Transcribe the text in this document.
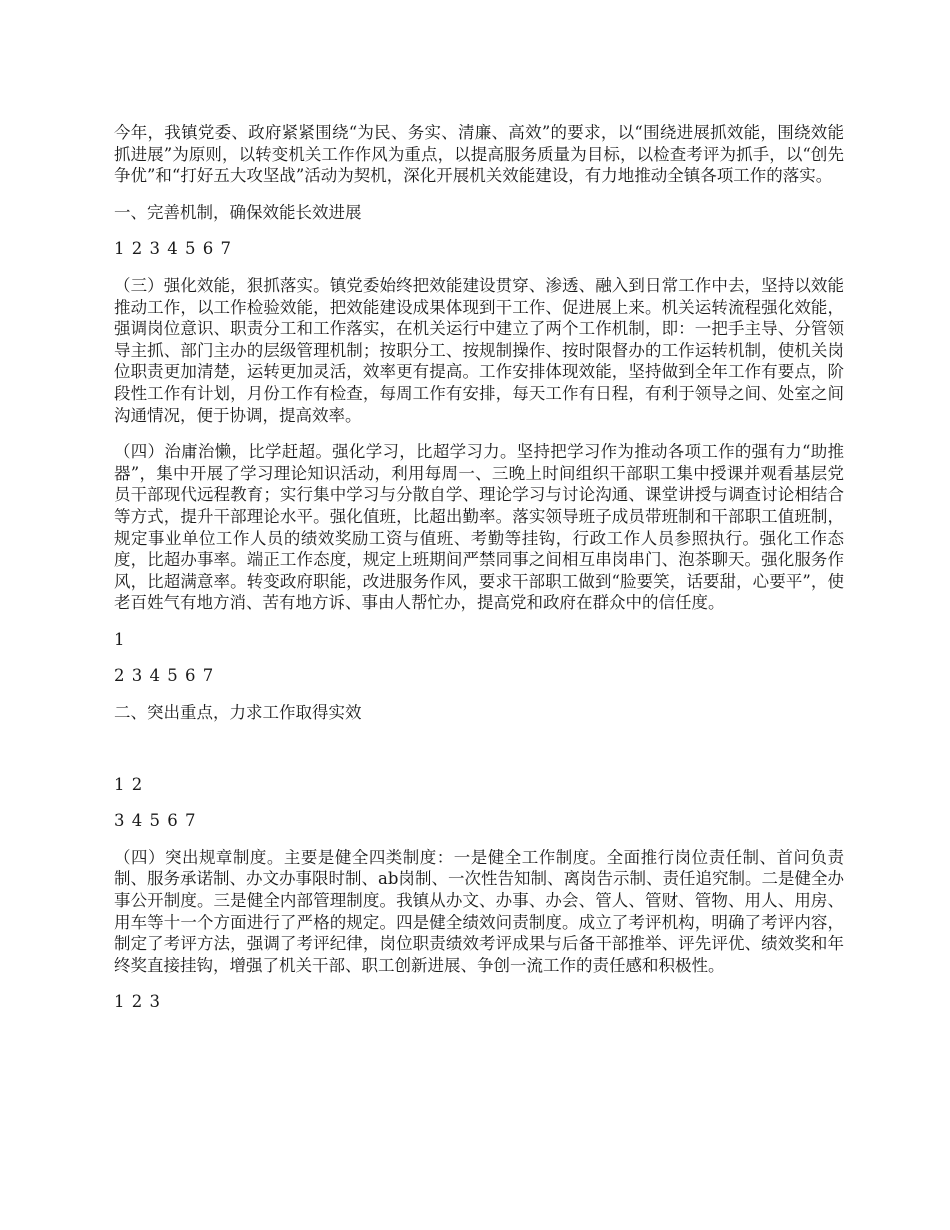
今年，我镇党委、政府紧紧围绕“为民、务实、清廉、高效”的要求，以“围绕进展抓效能，围绕效能抓进展”为原则，以转变机关工作作风为重点，以提高服务质量为目标，以检查考评为抓手，以“创先争优”和“打好五大攻坚战”活动为契机，深化开展机关效能建设，有力地推动全镇各项工作的落实。

一、完善机制，确保效能长效进展

1 2 3 4 5 6 7

（三）强化效能，狠抓落实。镇党委始终把效能建设贯穿、渗透、融入到日常工作中去，坚持以效能推动工作，以工作检验效能，把效能建设成果体现到干工作、促进展上来。机关运转流程强化效能，强调岗位意识、职责分工和工作落实，在机关运行中建立了两个工作机制，即：一把手主导、分管领导主抓、部门主办的层级管理机制；按职分工、按规制操作、按时限督办的工作运转机制，使机关岗位职责更加清楚，运转更加灵活，效率更有提高。工作安排体现效能，坚持做到全年工作有要点，阶段性工作有计划，月份工作有检查，每周工作有安排，每天工作有日程，有利于领导之间、处室之间沟通情况，便于协调，提高效率。

（四）治庸治懒，比学赶超。强化学习，比超学习力。坚持把学习作为推动各项工作的强有力“助推器”，集中开展了学习理论知识活动，利用每周一、三晚上时间组织干部职工集中授课并观看基层党员干部现代远程教育；实行集中学习与分散自学、理论学习与讨论沟通、课堂讲授与调查讨论相结合等方式，提升干部理论水平。强化值班，比超出勤率。落实领导班子成员带班制和干部职工值班制，规定事业单位工作人员的绩效奖励工资与值班、考勤等挂钩，行政工作人员参照执行。强化工作态度，比超办事率。端正工作态度，规定上班期间严禁同事之间相互串岗串门、泡茶聊天。强化服务作风，比超满意率。转变政府职能，改进服务作风，要求干部职工做到“脸要笑，话要甜，心要平”，使老百姓气有地方消、苦有地方诉、事由人帮忙办，提高党和政府在群众中的信任度。

1

2 3 4 5 6 7

二、突出重点，力求工作取得实效

1 2

3 4 5 6 7

（四）突出规章制度。主要是健全四类制度：一是健全工作制度。全面推行岗位责任制、首问负责制、服务承诺制、办文办事限时制、ab岗制、一次性告知制、离岗告示制、责任追究制。二是健全办事公开制度。三是健全内部管理制度。我镇从办文、办事、办会、管人、管财、管物、用人、用房、用车等十一个方面进行了严格的规定。四是健全绩效问责制度。成立了考评机构，明确了考评内容，制定了考评方法，强调了考评纪律，岗位职责绩效考评成果与后备干部推举、评先评优、绩效奖和年终奖直接挂钩，增强了机关干部、职工创新进展、争创一流工作的责任感和积极性。

1 2 3
